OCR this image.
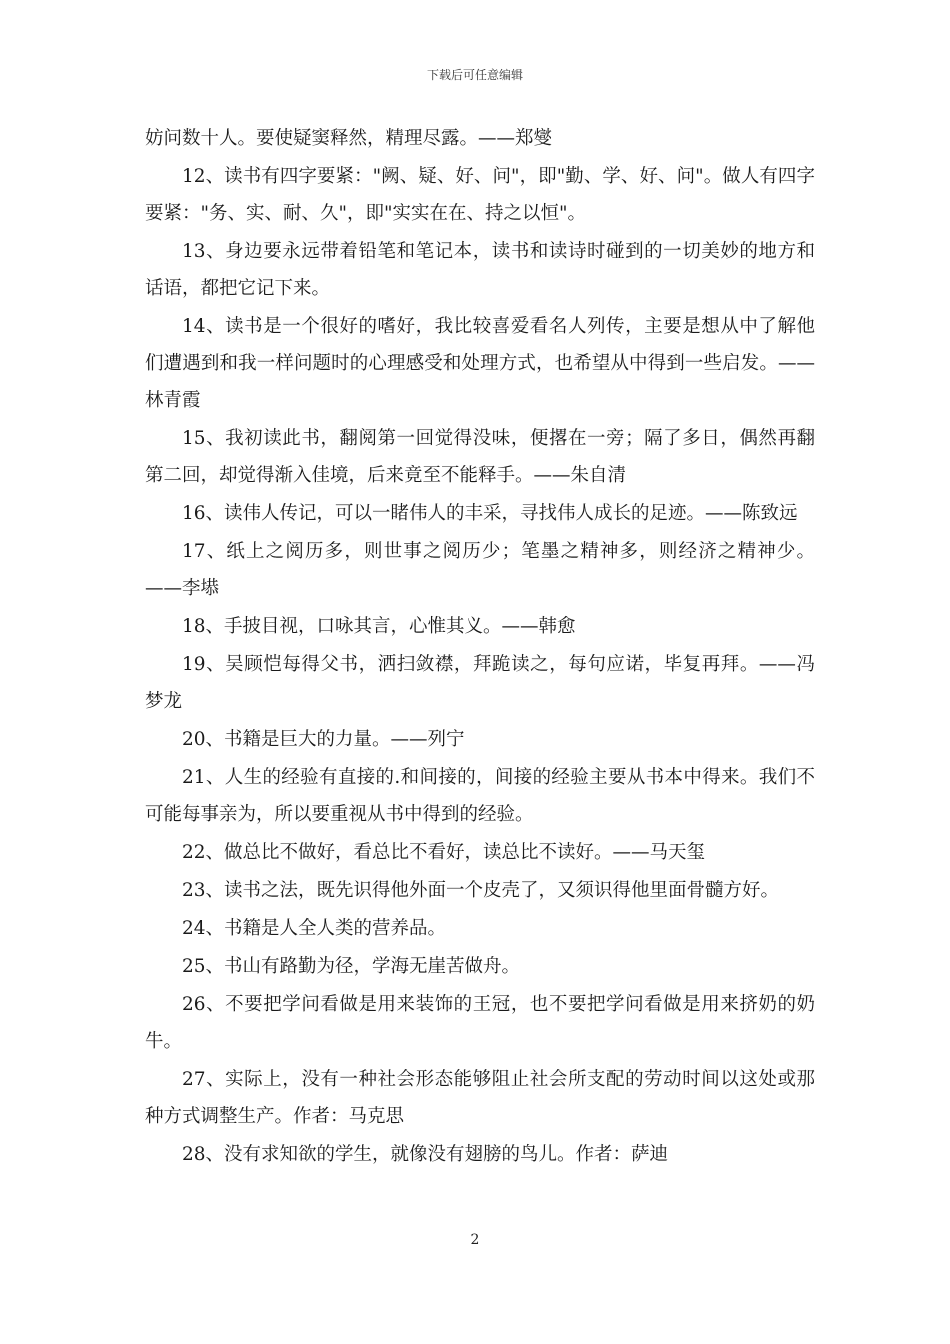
下载后可任意编辑

妨问数十人。要使疑窦释然，精理尽露。——郑燮

12、读书有四字要紧："阙、疑、好、问"，即"勤、学、好、问"。做人有四字要紧："务、实、耐、久"，即"实实在在、持之以恒"。

13、身边要永远带着铅笔和笔记本，读书和读诗时碰到的一切美妙的地方和话语，都把它记下来。

14、读书是一个很好的嗜好，我比较喜爱看名人列传，主要是想从中了解他们遭遇到和我一样问题时的心理感受和处理方式，也希望从中得到一些启发。——林青霞

15、我初读此书，翻阅第一回觉得没味，便撂在一旁；隔了多日，偶然再翻第二回，却觉得渐入佳境，后来竟至不能释手。——朱自清

16、读伟人传记，可以一睹伟人的丰采，寻找伟人成长的足迹。——陈致远

17、纸上之阅历多，则世事之阅历少；笔墨之精神多，则经济之精神少。——李塨

18、手披目视，口咏其言，心惟其义。——韩愈

19、吴顾恺每得父书，洒扫敛襟，拜跪读之，每句应诺，毕复再拜。——冯梦龙

20、书籍是巨大的力量。——列宁

21、人生的经验有直接的.和间接的，间接的经验主要从书本中得来。我们不可能每事亲为，所以要重视从书中得到的经验。

22、做总比不做好，看总比不看好，读总比不读好。——马天玺

23、读书之法，既先识得他外面一个皮壳了，又须识得他里面骨髓方好。

24、书籍是人全人类的营养品。

25、书山有路勤为径，学海无崖苦做舟。

26、不要把学问看做是用来装饰的王冠，也不要把学问看做是用来挤奶的奶牛。

27、实际上，没有一种社会形态能够阻止社会所支配的劳动时间以这处或那种方式调整生产。作者：马克思

28、没有求知欲的学生，就像没有翅膀的鸟儿。作者：萨迪

2
